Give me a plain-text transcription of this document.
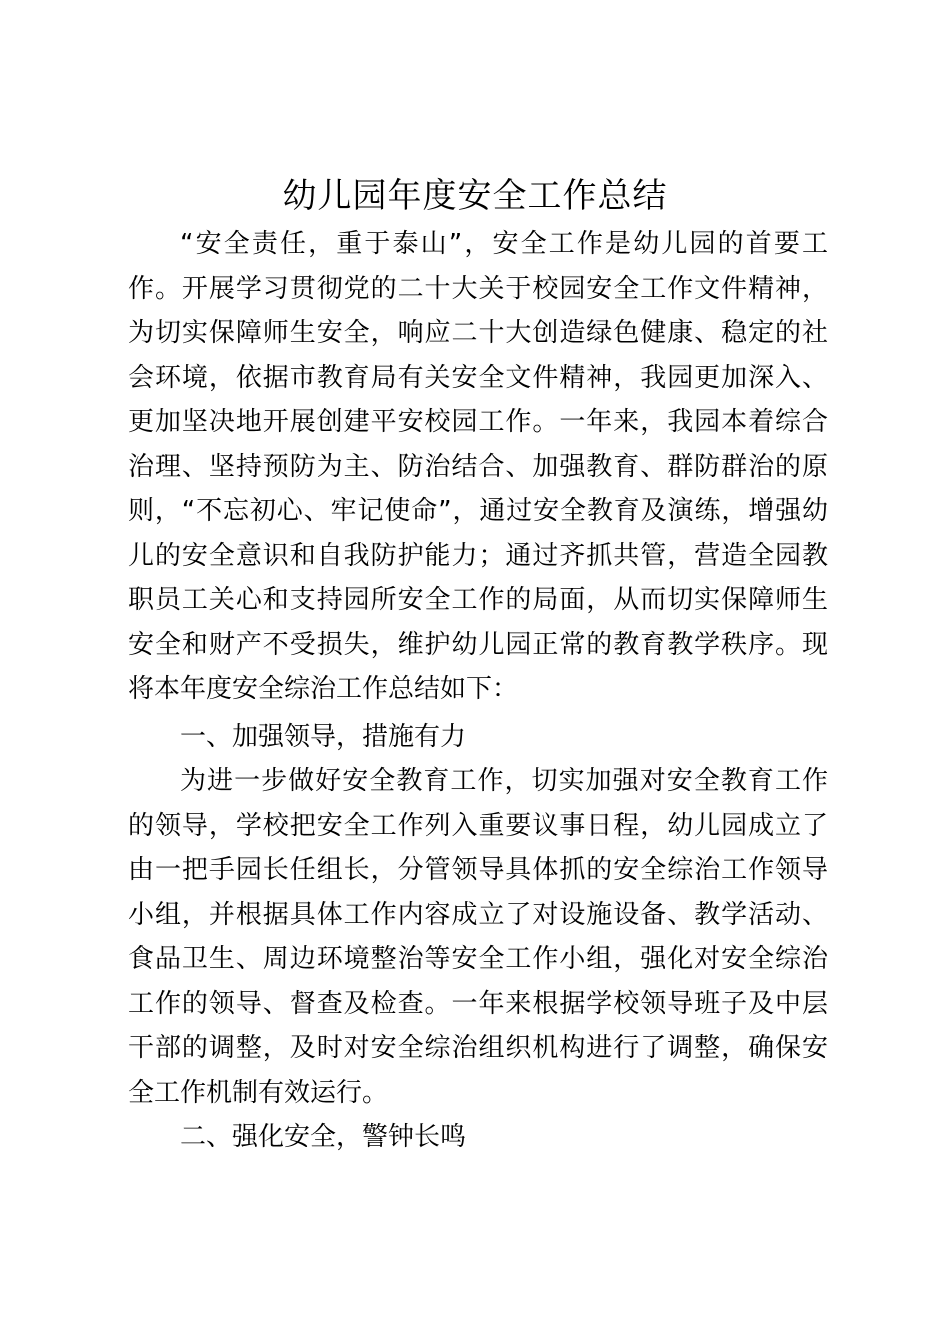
幼儿园年度安全工作总结

“安全责任，重于泰山”，安全工作是幼儿园的首要工作。开展学习贯彻党的二十大关于校园安全工作文件精神，为切实保障师生安全，响应二十大创造绿色健康、稳定的社会环境，依据市教育局有关安全文件精神，我园更加深入、更加坚决地开展创建平安校园工作。一年来，我园本着综合治理、坚持预防为主、防治结合、加强教育、群防群治的原则，“不忘初心、牢记使命”，通过安全教育及演练，增强幼儿的安全意识和自我防护能力；通过齐抓共管，营造全园教职员工关心和支持园所安全工作的局面，从而切实保障师生安全和财产不受损失，维护幼儿园正常的教育教学秩序。现将本年度安全综治工作总结如下：

一、加强领导，措施有力

为进一步做好安全教育工作，切实加强对安全教育工作的领导，学校把安全工作列入重要议事日程，幼儿园成立了由一把手园长任组长，分管领导具体抓的安全综治工作领导小组，并根据具体工作内容成立了对设施设备、教学活动、食品卫生、周边环境整治等安全工作小组，强化对安全综治工作的领导、督查及检查。一年来根据学校领导班子及中层干部的调整，及时对安全综治组织机构进行了调整，确保安全工作机制有效运行。

二、强化安全，警钟长鸣
